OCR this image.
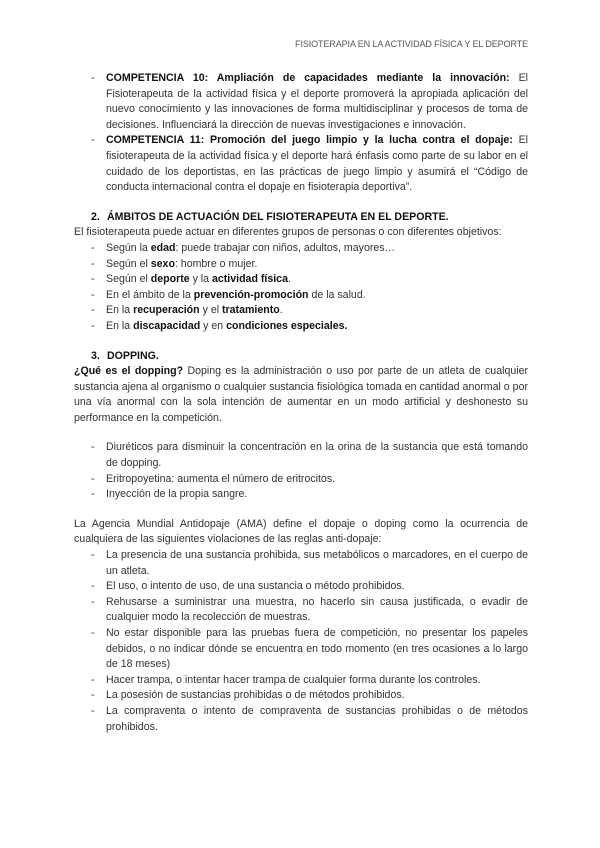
FISIOTERAPIA EN LA ACTIVIDAD FÍSICA Y EL DEPORTE
- COMPETENCIA 10: Ampliación de capacidades mediante la innovación: El Fisioterapeuta de la actividad física y el deporte promoverá la apropiada aplicación del nuevo conocimiento y las innovaciones de forma multidisciplinar y procesos de toma de decisiones. Influenciará la dirección de nuevas investigaciones e innovación.
- COMPETENCIA 11: Promoción del juego limpio y la lucha contra el dopaje: El fisioterapeuta de la actividad física y el deporte hará énfasis como parte de su labor en el cuidado de los deportistas, en las prácticas de juego limpio y asumirá el “Código de conducta internacional contra el dopaje en fisioterapia deportiva”.
2. ÁMBITOS DE ACTUACIÓN DEL FISIOTERAPEUTA EN EL DEPORTE.

El fisioterapeuta puede actuar en diferentes grupos de personas o con diferentes objetivos:

- Según la edad: puede trabajar con niños, adultos, mayores…
- Según el sexo: hombre o mujer.
- Según el deporte y la actividad física.
- En el ámbito de la prevención-promoción de la salud.
- En la recuperación y el tratamiento.
- En la discapacidad y en condiciones especiales.
3. DOPPING.

¿Qué es el dopping? Doping es la administración o uso por parte de un atleta de cualquier sustancia ajena al organismo o cualquier sustancia fisiológica tomada en cantidad anormal o por una vía anormal con la sola intención de aumentar en un modo artificial y deshonesto su performance en la competición.

- Diuréticos para disminuir la concentración en la orina de la sustancia que está tomando de dopping.
- Eritropoyetina: aumenta el número de eritrocitos.
- Inyección de la propia sangre.

La Agencia Mundial Antidopaje (AMA) define el dopaje o doping como la ocurrencia de cualquiera de las siguientes violaciones de las reglas anti-dopaje:

- La presencia de una sustancia prohibida, sus metabólicos o marcadores, en el cuerpo de un atleta.
- El uso, o intento de uso, de una sustancia o método prohibidos.
- Rehusarse a suministrar una muestra, no hacerlo sin causa justificada, o evadir de cualquier modo la recolección de muestras.
- No estar disponible para las pruebas fuera de competición, no presentar los papeles debidos, o no indicar dónde se encuentra en todo momento (en tres ocasiones a lo largo de 18 meses)
- Hacer trampa, o intentar hacer trampa de cualquier forma durante los controles.
- La posesión de sustancias prohibidas o de métodos prohibidos.
- La compraventa o intento de compraventa de sustancias prohibidas o de métodos prohibidos.
